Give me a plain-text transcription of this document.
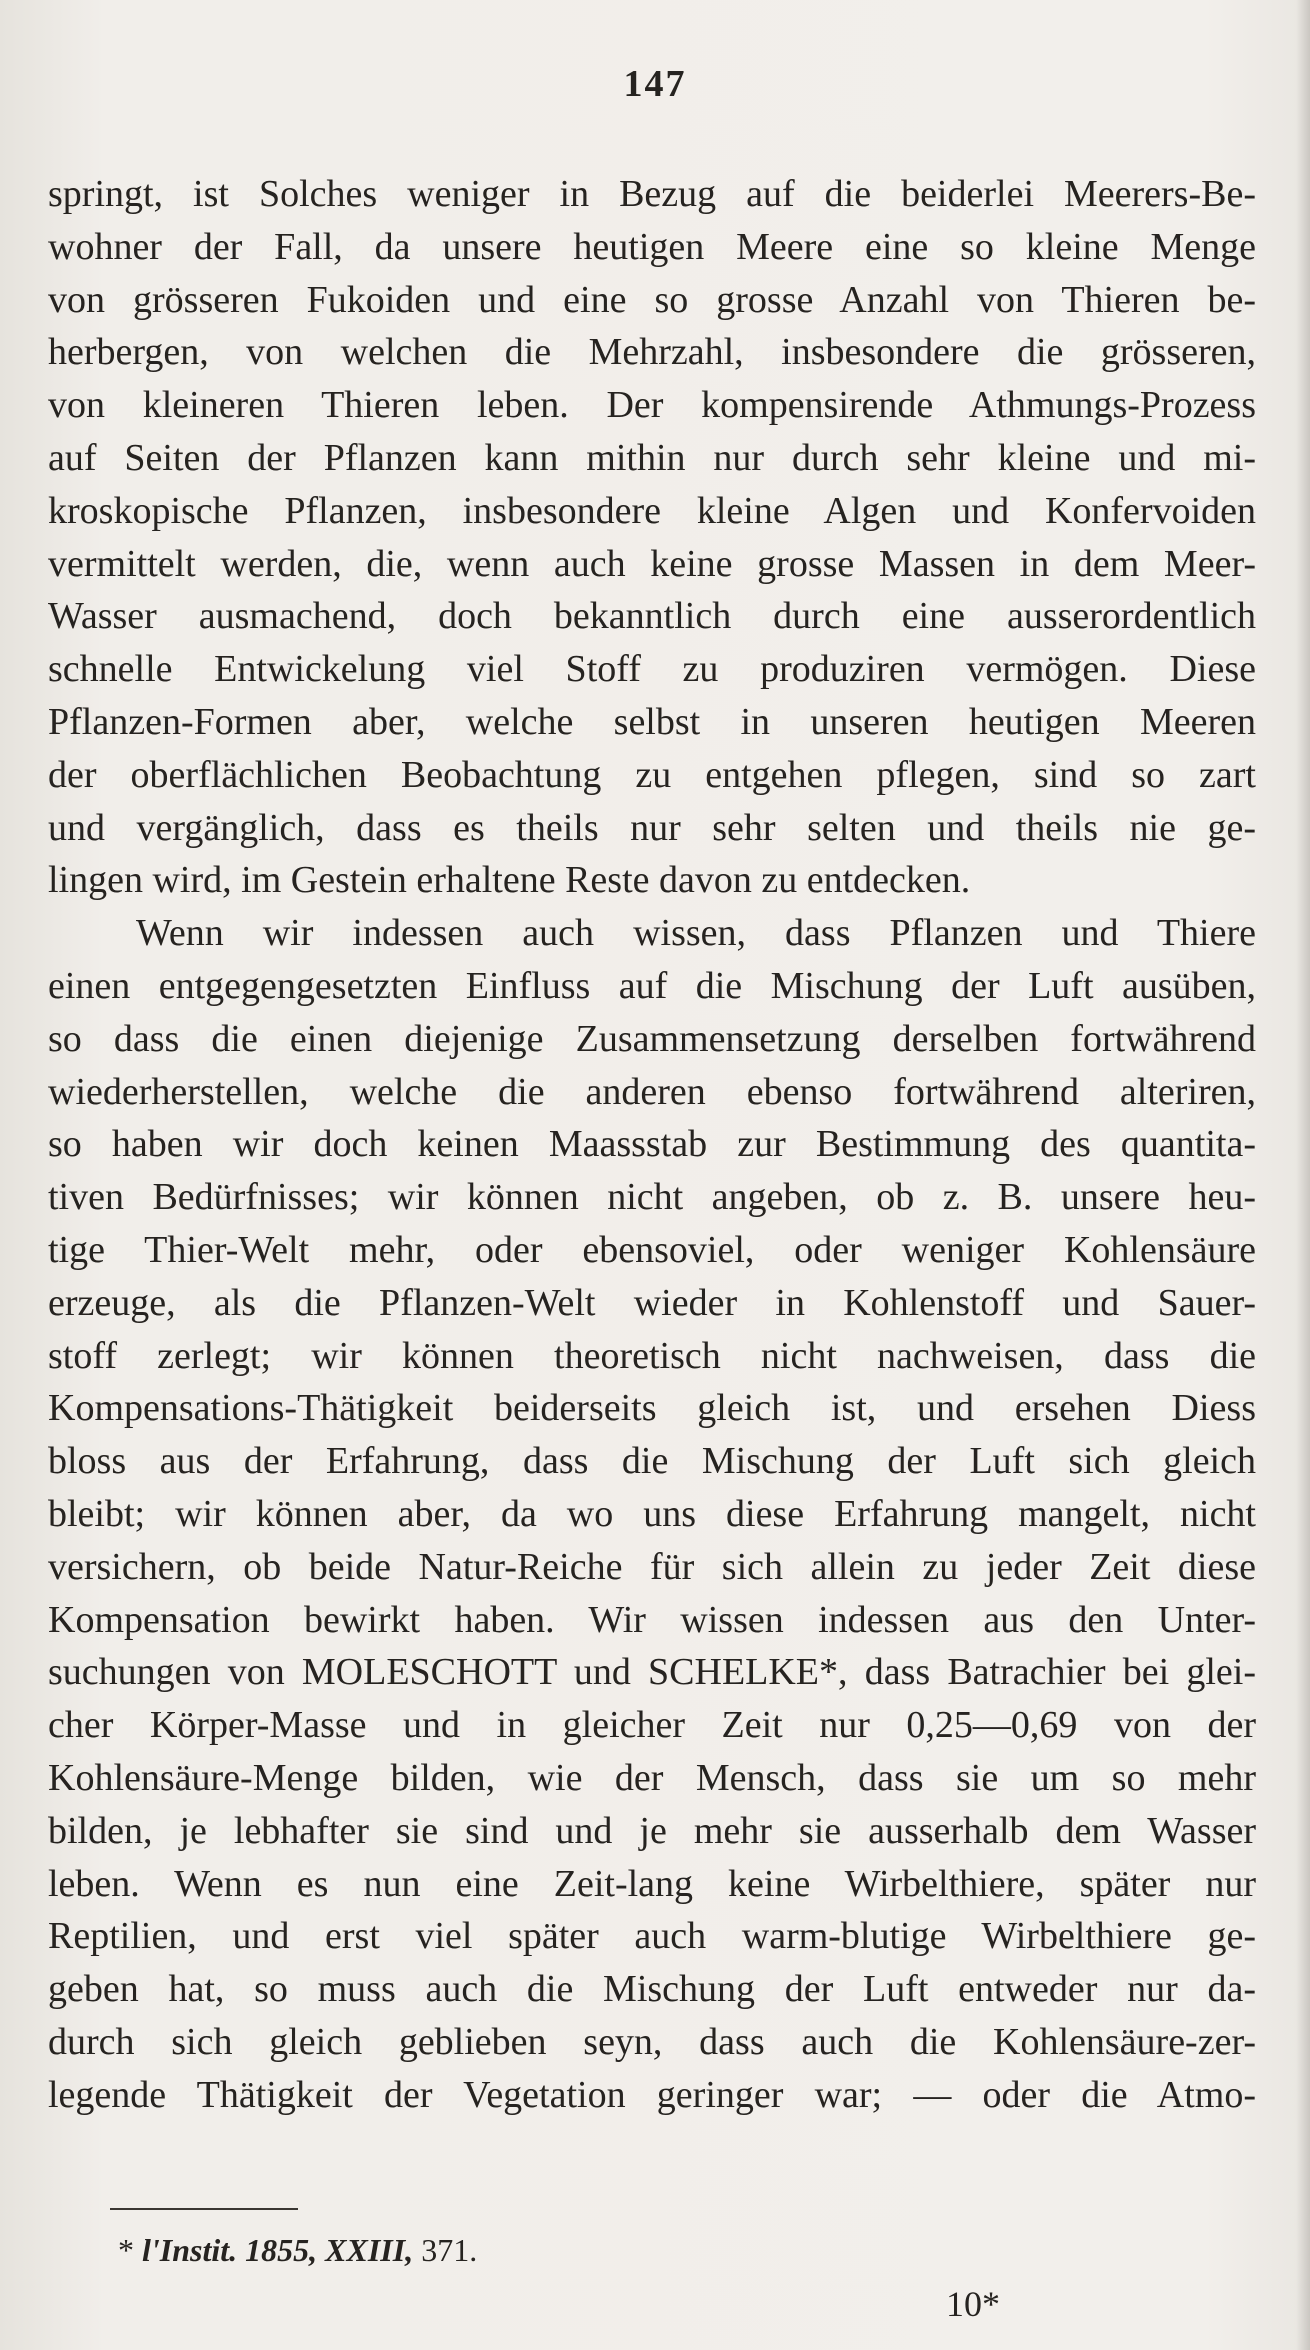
147
springt, ist Solches weniger in Bezug auf die beiderlei Meerers-Be-
wohner der Fall, da unsere heutigen Meere eine so kleine Menge
von grösseren Fukoiden und eine so grosse Anzahl von Thieren be-
herbergen, von welchen die Mehrzahl, insbesondere die grösseren,
von kleineren Thieren leben. Der kompensirende Athmungs-Prozess
auf Seiten der Pflanzen kann mithin nur durch sehr kleine und mi-
kroskopische Pflanzen, insbesondere kleine Algen und Konfervoiden
vermittelt werden, die, wenn auch keine grosse Massen in dem Meer-
Wasser ausmachend, doch bekanntlich durch eine ausserordentlich
schnelle Entwickelung viel Stoff zu produziren vermögen. Diese
Pflanzen-Formen aber, welche selbst in unseren heutigen Meeren
der oberflächlichen Beobachtung zu entgehen pflegen, sind so zart
und vergänglich, dass es theils nur sehr selten und theils nie ge-
lingen wird, im Gestein erhaltene Reste davon zu entdecken.
Wenn wir indessen auch wissen, dass Pflanzen und Thiere
einen entgegengesetzten Einfluss auf die Mischung der Luft ausüben,
so dass die einen diejenige Zusammensetzung derselben fortwährend
wiederherstellen, welche die anderen ebenso fortwährend alteriren,
so haben wir doch keinen Maassstab zur Bestimmung des quantita-
tiven Bedürfnisses; wir können nicht angeben, ob z. B. unsere heu-
tige Thier-Welt mehr, oder ebensoviel, oder weniger Kohlensäure
erzeuge, als die Pflanzen-Welt wieder in Kohlenstoff und Sauer-
stoff zerlegt; wir können theoretisch nicht nachweisen, dass die
Kompensations-Thätigkeit beiderseits gleich ist, und ersehen Diess
bloss aus der Erfahrung, dass die Mischung der Luft sich gleich
bleibt; wir können aber, da wo uns diese Erfahrung mangelt, nicht
versichern, ob beide Natur-Reiche für sich allein zu jeder Zeit diese
Kompensation bewirkt haben. Wir wissen indessen aus den Unter-
suchungen von MOLESCHOTT und SCHELKE*, dass Batrachier bei glei-
cher Körper-Masse und in gleicher Zeit nur 0,25—0,69 von der
Kohlensäure-Menge bilden, wie der Mensch, dass sie um so mehr
bilden, je lebhafter sie sind und je mehr sie ausserhalb dem Wasser
leben. Wenn es nun eine Zeit-lang keine Wirbelthiere, später nur
Reptilien, und erst viel später auch warm-blutige Wirbelthiere ge-
geben hat, so muss auch die Mischung der Luft entweder nur da-
durch sich gleich geblieben seyn, dass auch die Kohlensäure-zer-
legende Thätigkeit der Vegetation geringer war; — oder die Atmo-
* l'Instit. 1855, XXIII, 371.
10*
